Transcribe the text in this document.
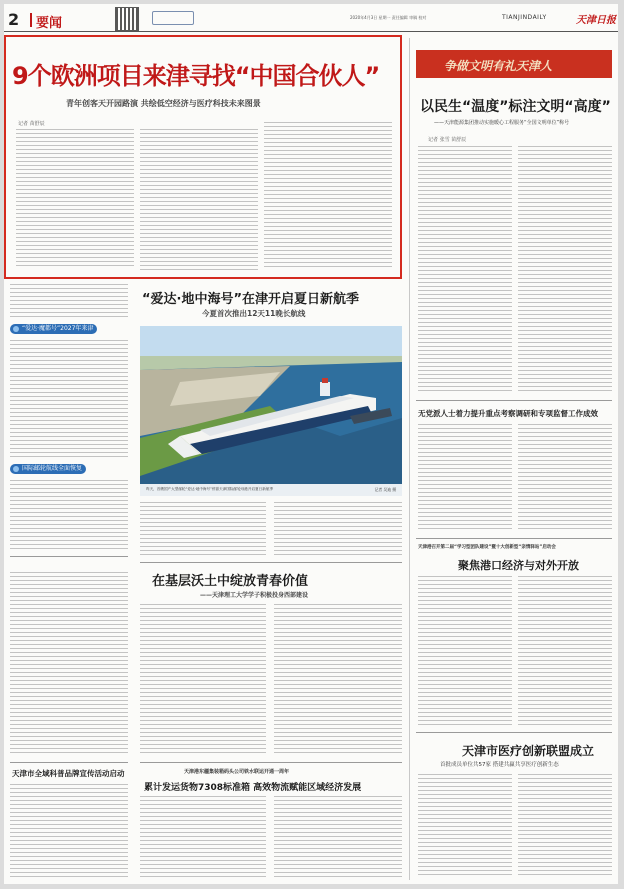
2 要闻	2020年4月3日 星期一 责任编辑 审稿 校对	TIANJINDAILY	天津日报
9个欧洲项目来津寻找“中国合伙人”
青年创客天开园路演 共绘低空经济与医疗科技未来图景
记者 苗舒辰
争做文明有礼天津人
以民生“温度”标注文明“高度”
——天津能源集团推动实施暖心工程服务“全国文明单位”称号
记者 张雪 苗舒辰
无党派人士着力提升重点考察调研和专项监督工作成效
天津港召开第二届“学习型团队建设”暨十大创新型“亲情驿站”启动会
聚焦港口经济与对外开放
天津市医疗创新联盟成立
首批成员单位共57家 搭建共赢共享医疗创新生态
“爱达·魔都号”2027年来津
国际邮轮航线全面恢复

天津市全域科普品牌宣传活动启动
“爱达·地中海号”在津开启夏日新航季
今夏首次推出12天11晚长航线
昨天，首艘国产大型邮轮“爱达·地中海号”停靠天津国际邮轮母港开启夏日新航季	记者 吴迪 摄
在基层沃土中绽放青春价值
——天津理工大学学子积极投身西部建设
天津港东疆集装箱码头公司铁水联运开通一周年
累计发运货物7308标准箱 高效物流赋能区域经济发展
